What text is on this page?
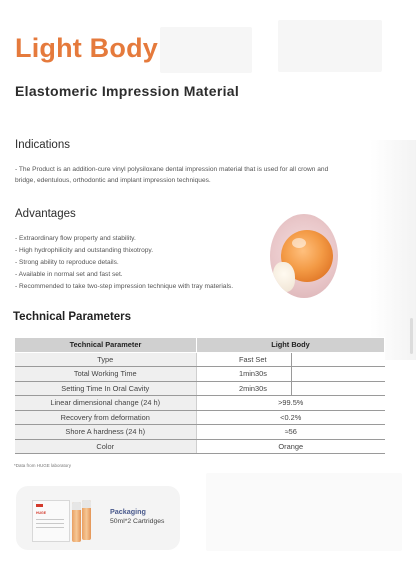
Light Body
Elastomeric Impression Material
Indications

- The Product is an addition-cure vinyl polysiloxane dental impression material that is used for all crown and bridge, edentulous, orthodontic and implant impression techniques.

Advantages
- Extraordinary flow property and stability.
- High hydrophilicity and outstanding thixotropy.
- Strong ability to reproduce details.
- Available in normal set and fast set.
- Recommended to take two-step impression technique with tray materials.
Technical Parameters
Technical Parameter	Light Body	
Type	Fast Set	
Total Working Time	1min30s	
Setting Time In Oral Cavity	2min30s	
Linear dimensional change (24 h)	>99.5%	
Recovery from deformation	<0.2%	
Shore A hardness (24 h)	≈56	
Color	Orange	
*Data from HUGE laboratory
HUGE	Packaging
50ml*2 Cartridges
